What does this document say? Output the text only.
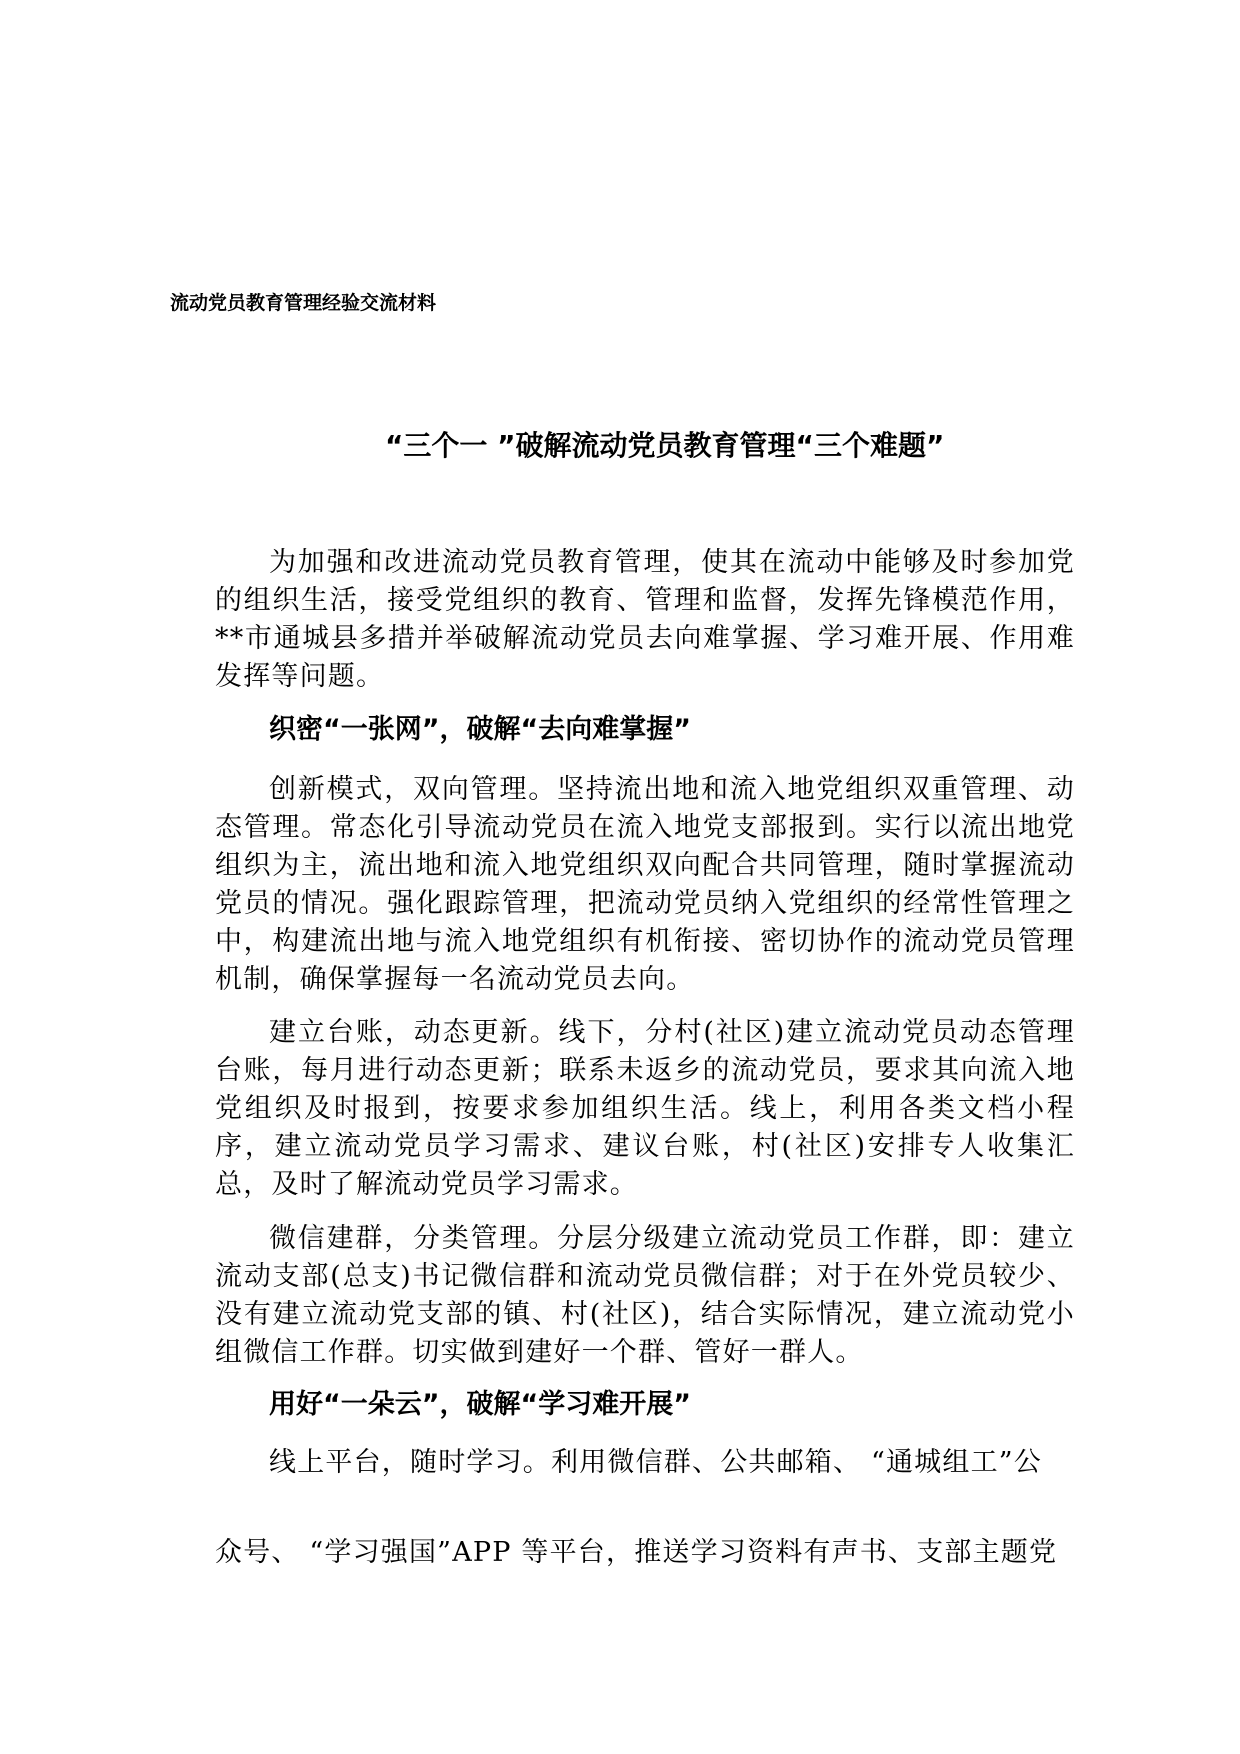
流动党员教育管理经验交流材料
“三个一 ”破解流动党员教育管理“三个难题”

为加强和改进流动党员教育管理，使其在流动中能够及时参加党的组织生活，接受党组织的教育、管理和监督，发挥先锋模范作用，**市通城县多措并举破解流动党员去向难掌握、学习难开展、作用难发挥等问题。

织密“一张网”，破解“去向难掌握”

创新模式，双向管理。坚持流出地和流入地党组织双重管理、动态管理。常态化引导流动党员在流入地党支部报到。实行以流出地党组织为主，流出地和流入地党组织双向配合共同管理，随时掌握流动党员的情况。强化跟踪管理，把流动党员纳入党组织的经常性管理之中，构建流出地与流入地党组织有机衔接、密切协作的流动党员管理机制，确保掌握每一名流动党员去向。

建立台账，动态更新。线下，分村(社区)建立流动党员动态管理台账，每月进行动态更新；联系未返乡的流动党员，要求其向流入地党组织及时报到，按要求参加组织生活。线上，利用各类文档小程序，建立流动党员学习需求、建议台账，村(社区)安排专人收集汇总，及时了解流动党员学习需求。

微信建群，分类管理。分层分级建立流动党员工作群，即：建立流动支部(总支)书记微信群和流动党员微信群；对于在外党员较少、没有建立流动党支部的镇、村(社区)，结合实际情况，建立流动党小组微信工作群。切实做到建好一个群、管好一群人。

用好“一朵云”，破解“学习难开展”

线上平台，随时学习。利用微信群、公共邮箱、 “通城组工”公

众号、 “学习强国”APP 等平台，推送学习资料有声书、支部主题党
